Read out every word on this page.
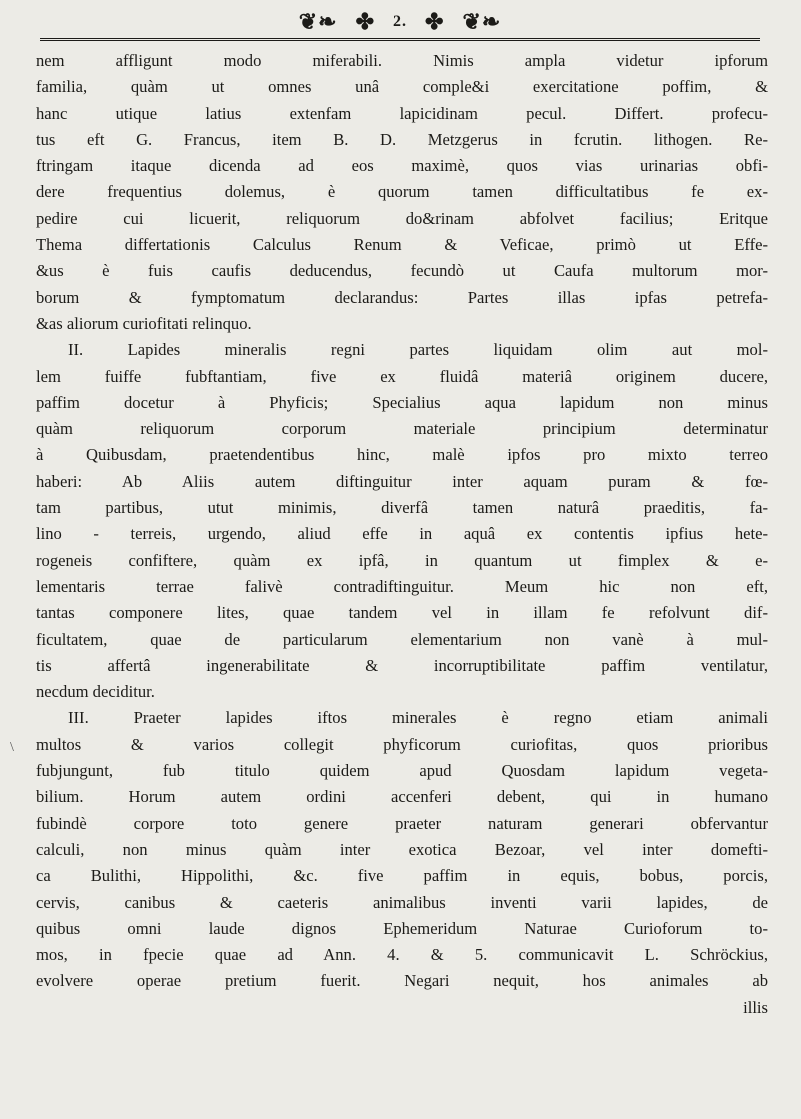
❦❧ ✤ 2. ✤ ❦❧
\
nem affligunt modo miferabili. Nimis ampla videtur ipforum
familia, quàm ut omnes unâ comple&i exercitatione poffim, &
hanc utique latius extenfam lapicidinam pecul. Differt. profecu-
tus eft G. Francus, item B. D. Metzgerus in fcrutin. lithogen. Re-
ftringam itaque dicenda ad eos maximè, quos vias urinarias obfi-
dere frequentius dolemus, è quorum tamen difficultatibus fe ex-
pedire cui licuerit, reliquorum do&rinam abfolvet facilius; Eritque
Thema differtationis Calculus Renum & Veficae, primò ut Effe-
&us è fuis caufis deducendus, fecundò ut Caufa multorum mor-
borum & fymptomatum declarandus: Partes illas ipfas petrefa-
&as aliorum curiofitati relinquo.
II. Lapides mineralis regni partes liquidam olim aut mol-
lem fuiffe fubftantiam, five ex fluidâ materiâ originem ducere,
paffim docetur à Phyficis; Specialius aqua lapidum non minus
quàm reliquorum corporum materiale principium determinatur
à Quibusdam, praetendentibus hinc, malè ipfos pro mixto terreo
haberi: Ab Aliis autem diftinguitur inter aquam puram & fœ-
tam partibus, utut minimis, diverfâ tamen naturâ praeditis, fa-
lino - terreis, urgendo, aliud effe in aquâ ex contentis ipfius hete-
rogeneis confiftere, quàm ex ipfâ, in quantum ut fimplex & e-
lementaris terrae falivè contradiftinguitur. Meum hic non eft,
tantas componere lites, quae tandem vel in illam fe refolvunt dif-
ficultatem, quae de particularum elementarium non vanè à mul-
tis affertâ ingenerabilitate & incorruptibilitate paffim ventilatur,
necdum deciditur.
III. Praeter lapides iftos minerales è regno etiam animali
multos & varios collegit phyficorum curiofitas, quos prioribus
fubjungunt, fub titulo quidem apud Quosdam lapidum vegeta-
bilium. Horum autem ordini accenferi debent, qui in humano
fubindè corpore toto genere praeter naturam generari obfervantur
calculi, non minus quàm inter exotica Bezoar, vel inter domefti-
ca Bulithi, Hippolithi, &c. five paffim in equis, bobus, porcis,
cervis, canibus & caeteris animalibus inventi varii lapides, de
quibus omni laude dignos Ephemeridum Naturae Curioforum to-
mos, in fpecie quae ad Ann. 4. & 5. communicavit L. Schröckius,
evolvere operae pretium fuerit. Negari nequit, hos animales ab
illis
